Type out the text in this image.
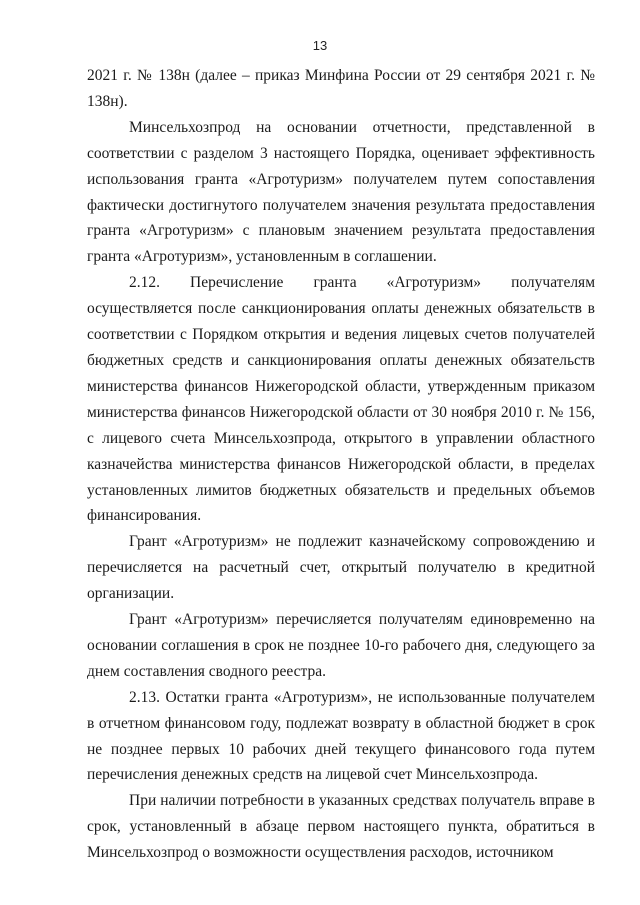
13

2021 г. № 138н (далее – приказ Минфина России от 29 сентября 2021 г. № 138н).

Минсельхозпрод на основании отчетности, представленной в соответствии с разделом 3 настоящего Порядка, оценивает эффективность использования гранта «Агротуризм» получателем путем сопоставления фактически достигнутого получателем значения результата предоставления гранта «Агротуризм» с плановым значением результата предоставления гранта «Агротуризм», установленным в соглашении.

2.12. Перечисление гранта «Агротуризм» получателям осуществляется после санкционирования оплаты денежных обязательств в соответствии с Порядком открытия и ведения лицевых счетов получателей бюджетных средств и санкционирования оплаты денежных обязательств министерства финансов Нижегородской области, утвержденным приказом министерства финансов Нижегородской области от 30 ноября 2010 г. № 156, с лицевого счета Минсельхозпрода, открытого в управлении областного казначейства министерства финансов Нижегородской области, в пределах установленных лимитов бюджетных обязательств и предельных объемов финансирования.

Грант «Агротуризм» не подлежит казначейскому сопровождению и перечисляется на расчетный счет, открытый получателю в кредитной организации.

Грант «Агротуризм» перечисляется получателям единовременно на основании соглашения в срок не позднее 10-го рабочего дня, следующего за днем составления сводного реестра.

2.13. Остатки гранта «Агротуризм», не использованные получателем в отчетном финансовом году, подлежат возврату в областной бюджет в срок не позднее первых 10 рабочих дней текущего финансового года путем перечисления денежных средств на лицевой счет Минсельхозпрода.

При наличии потребности в указанных средствах получатель вправе в срок, установленный в абзаце первом настоящего пункта, обратиться в Минсельхозпрод о возможности осуществления расходов, источником
